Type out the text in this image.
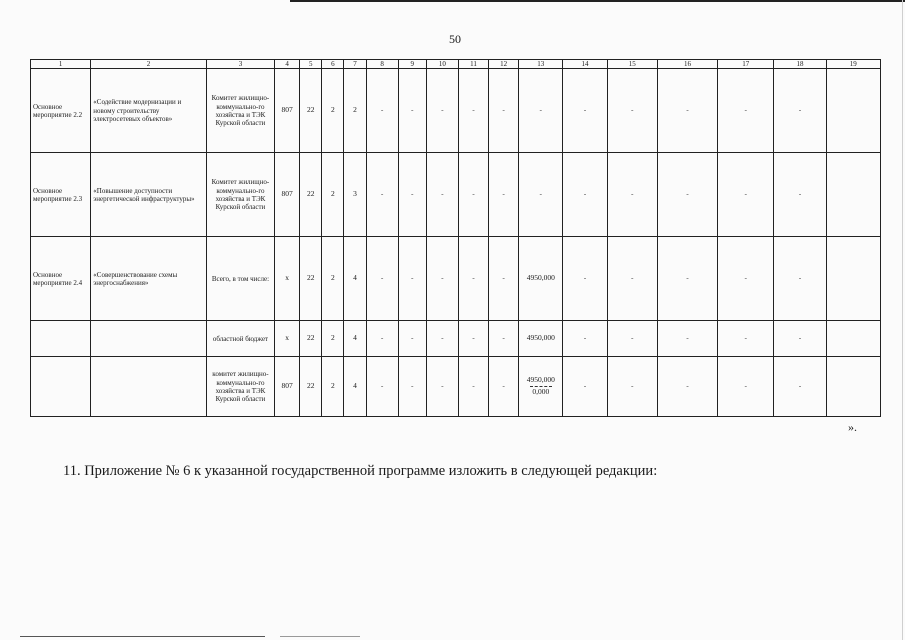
50
1	2	3	4	5	6	7	8	9	10	11	12	13	14	15	16	17	18	19
Основное мероприятие 2.2	«Содействие модернизации и новому строительству электросетевых объектов»	Комитет жилищно-коммунально-го хозяйства и ТЭК Курской области	807	22	2	2	-	-	-	-	-	-	-	-	-	-	-	
Основное мероприятие 2.3	«Повышение доступности энергетической инфраструктуры»	Комитет жилищно-коммунально-го хозяйства и ТЭК Курской области	807	22	2	3	-	-	-	-	-	-	-	-	-	-	-	
Основное мероприятие 2.4	«Совершенствование схемы энергоснабжения»	Всего, в том числе:	х	22	2	4	-	-	-	-	-	4950,000	-	-	-	-	-	
		областной бюджет	х	22	2	4	-	-	-	-	-	4950,000	-	-	-	-	-	
		комитет жилищно-коммунально-го хозяйства и ТЭК Курской области	807	22	2	4	-	-	-	-	-	$\frac{4950,000}{0,000}$	-	-	-	-	-	
».
11. Приложение № 6 к указанной государственной программе изложить в следующей редакции:
